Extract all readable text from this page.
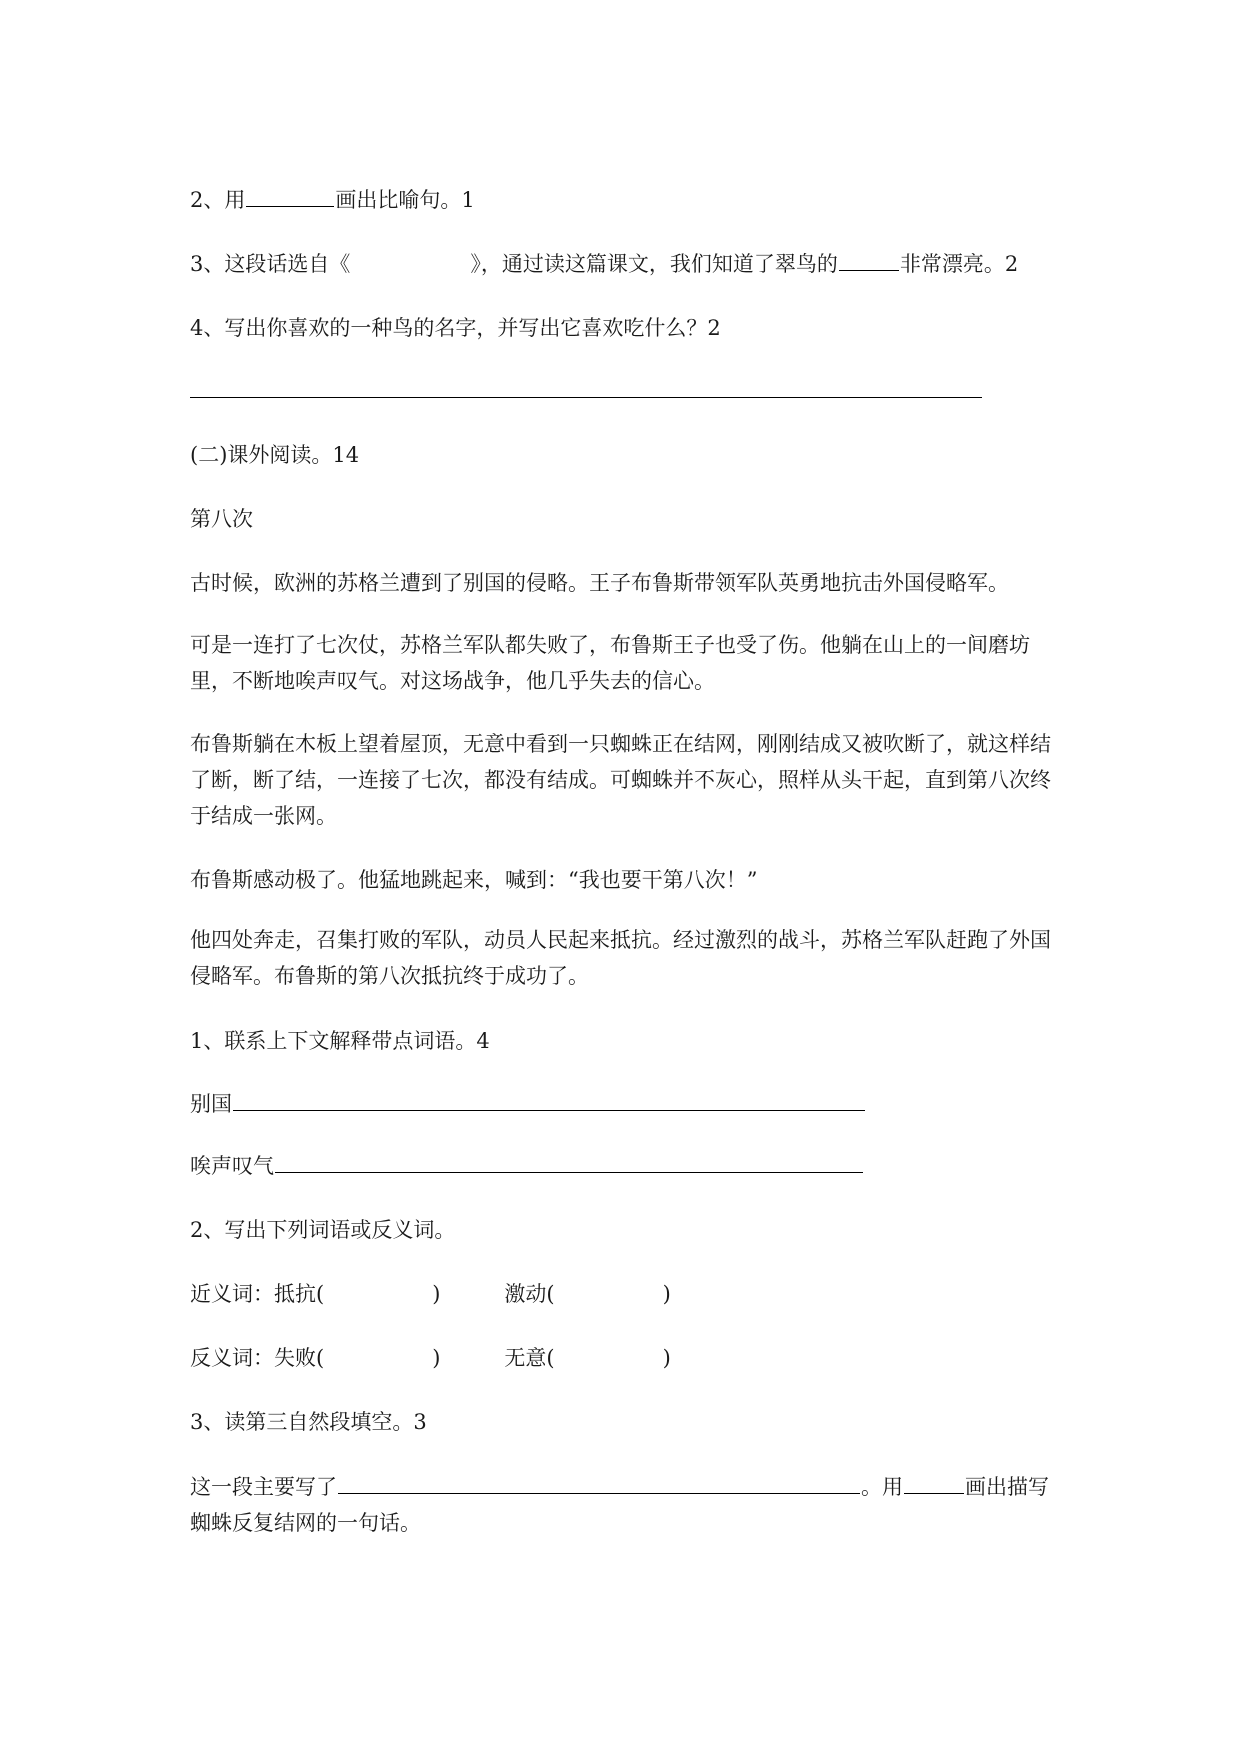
2、用	画出比喻句。1
3、这段话选自《	》，通过读这篇课文，我们知道了翠鸟的	非常漂亮。2
4、写出你喜欢的一种鸟的名字，并写出它喜欢吃什么？2
(二)课外阅读。14
第八次
古时候，欧洲的苏格兰遭到了别国的侵略。王子布鲁斯带领军队英勇地抗击外国侵略军。
可是一连打了七次仗，苏格兰军队都失败了，布鲁斯王子也受了伤。他躺在山上的一间磨坊里，不断地唉声叹气。对这场战争，他几乎失去的信心。
布鲁斯躺在木板上望着屋顶，无意中看到一只蜘蛛正在结网，刚刚结成又被吹断了，就这样结了断，断了结，一连接了七次，都没有结成。可蜘蛛并不灰心，照样从头干起，直到第八次终于结成一张网。
布鲁斯感动极了。他猛地跳起来，喊到：“我也要干第八次！”
他四处奔走，召集打败的军队，动员人民起来抵抗。经过激烈的战斗，苏格兰军队赶跑了外国侵略军。布鲁斯的第八次抵抗终于成功了。
1、联系上下文解释带点词语。4
别国
唉声叹气
2、写出下列词语或反义词。
近义词：抵抗(	)	激动(	)
反义词：失败(	)	无意(	)
3、读第三自然段填空。3
这一段主要写了	。用	画出描写
蜘蛛反复结网的一句话。
